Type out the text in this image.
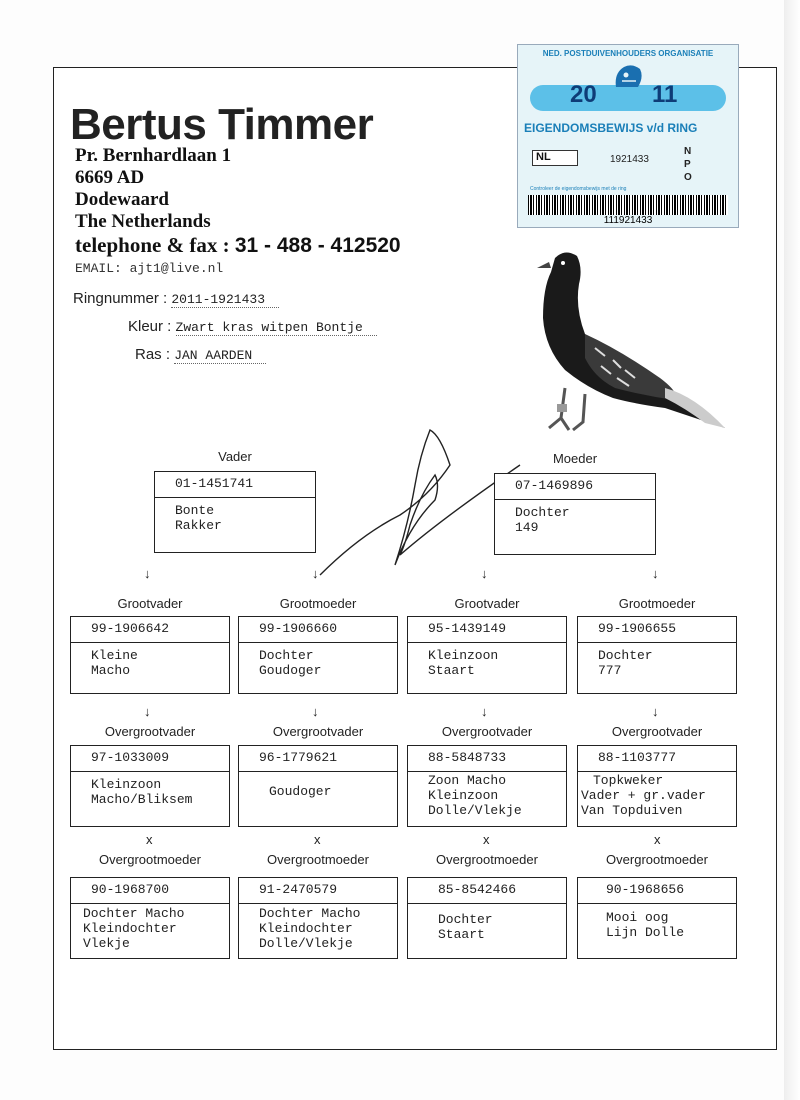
Bertus Timmer
Pr. Bernhardlaan 1
6669 AD
Dodewaard
The Netherlands
telephone & fax : 31 - 488 - 412520
EMAIL: ajt1@live.nl
Ringnummer : 2011-1921433
Kleur : Zwart kras witpen Bontje
Ras : JAN AARDEN
NED. POSTDUIVENHOUDERS ORGANISATIE
20 11
EIGENDOMSBEWIJS v/d RING
NL	1921433
N
P
O
Controleer de eigendomsbewijs met de ring
111921433
Vader
01-1451741
Bonte
Rakker
Moeder
07-1469896
Dochter
149
↓	↓	↓	↓
Grootvader
99-1906642
Kleine
Macho
Grootmoeder
99-1906660
Dochter
Goudoger
Grootvader
95-1439149
Kleinzoon
Staart
Grootmoeder
99-1906655
Dochter
777
↓	↓	↓	↓
Overgrootvader
97-1033009
Kleinzoon
Macho/Bliksem
Overgrootvader
96-1779621
Goudoger
Overgrootvader
88-5848733
Zoon Macho
Kleinzoon
Dolle/Vlekje
Overgrootvader
88-1103777
Topkweker
Vader + gr.vader
Van Topduiven
x	x	x	x
Overgrootmoeder
90-1968700
Dochter Macho
Kleindochter
Vlekje
Overgrootmoeder
91-2470579
Dochter Macho
Kleindochter
Dolle/Vlekje
Overgrootmoeder
85-8542466
Dochter
Staart
Overgrootmoeder
90-1968656
Mooi oog
Lijn Dolle
